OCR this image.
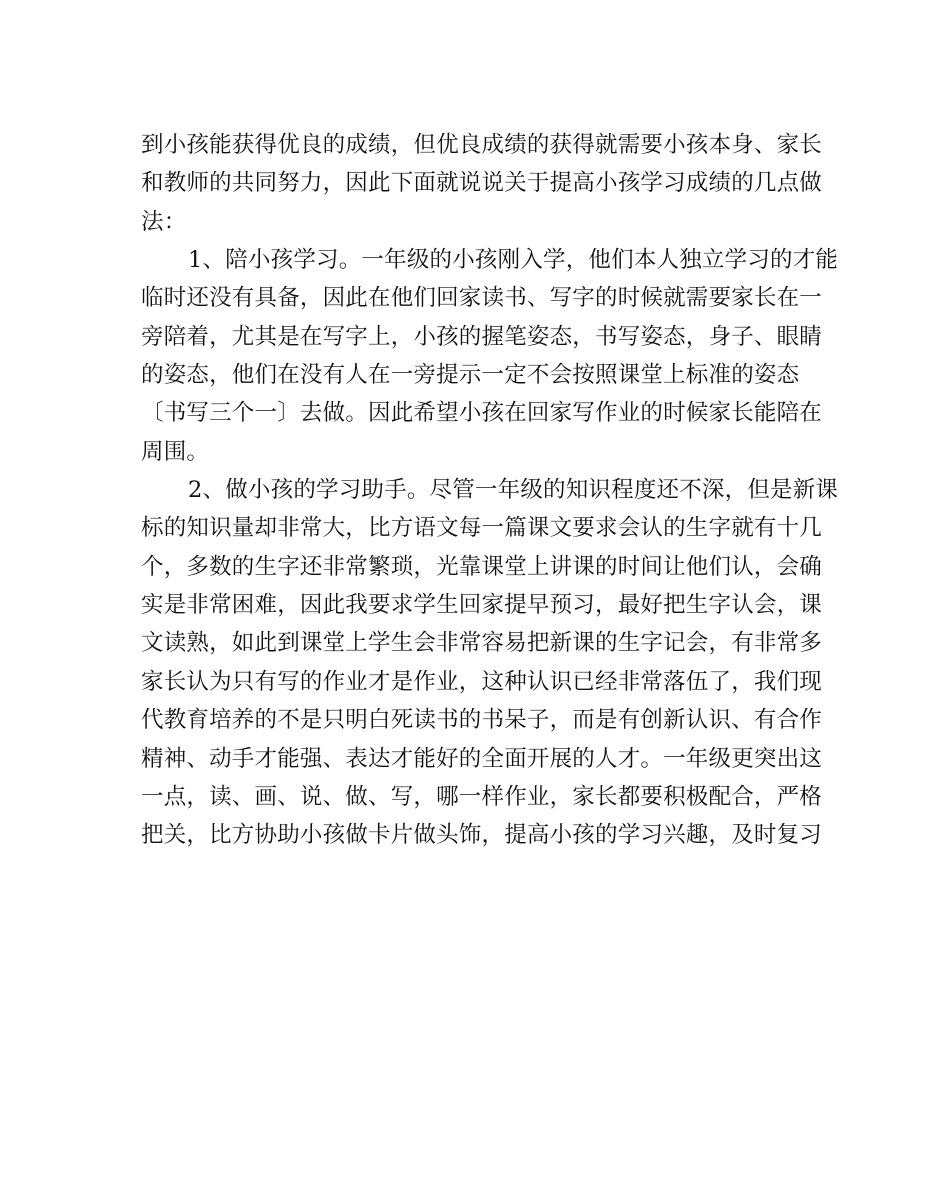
到小孩能获得优良的成绩，但优良成绩的获得就需要小孩本身、家长
和教师的共同努力，因此下面就说说关于提高小孩学习成绩的几点做
法：
1、陪小孩学习。一年级的小孩刚入学，他们本人独立学习的才能
临时还没有具备，因此在他们回家读书、写字的时候就需要家长在一
旁陪着，尤其是在写字上，小孩的握笔姿态，书写姿态，身子、眼睛
的姿态，他们在没有人在一旁提示一定不会按照课堂上标准的姿态
〔书写三个一〕去做。因此希望小孩在回家写作业的时候家长能陪在
周围。
2、做小孩的学习助手。尽管一年级的知识程度还不深，但是新课
标的知识量却非常大，比方语文每一篇课文要求会认的生字就有十几
个，多数的生字还非常繁琐，光靠课堂上讲课的时间让他们认，会确
实是非常困难，因此我要求学生回家提早预习，最好把生字认会，课
文读熟，如此到课堂上学生会非常容易把新课的生字记会，有非常多
家长认为只有写的作业才是作业，这种认识已经非常落伍了，我们现
代教育培养的不是只明白死读书的书呆子，而是有创新认识、有合作
精神、动手才能强、表达才能好的全面开展的人才。一年级更突出这
一点，读、画、说、做、写，哪一样作业，家长都要积极配合，严格
把关，比方协助小孩做卡片做头饰，提高小孩的学习兴趣，及时复习
